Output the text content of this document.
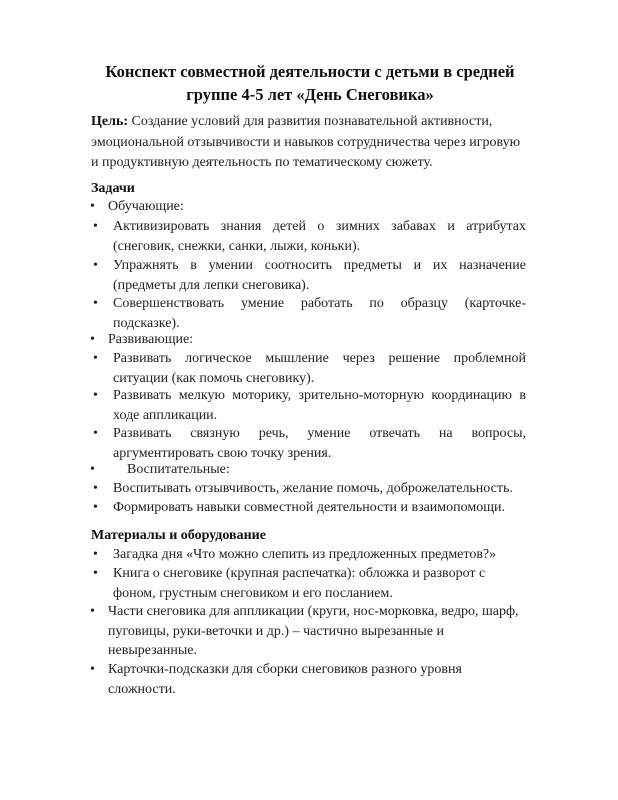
Конспект совместной деятельности с детьми в средней
группе 4-5 лет «День Снеговика»
Цель: Создание условий для развития познавательной активности, эмоциональной отзывчивости и навыков сотрудничества через игровую и продуктивную деятельность по тематическому сюжету.
Задачи
• Обучающие:
• Активизировать знания детей о зимних забавах и атрибутах (снеговик, снежки, санки, лыжи, коньки).
• Упражнять в умении соотносить предметы и их назначение (предметы для лепки снеговика).
• Совершенствовать умение работать по образцу (карточке-подсказке).
• Развивающие:
• Развивать логическое мышление через решение проблемной ситуации (как помочь снеговику).
• Развивать мелкую моторику, зрительно-моторную координацию в ходе аппликации.
• Развивать связную речь, умение отвечать на вопросы, аргументировать свою точку зрения.
• Воспитательные:
• Воспитывать отзывчивость, желание помочь, доброжелательность.
• Формировать навыки совместной деятельности и взаимопомощи.
Материалы и оборудование
• Загадка дня «Что можно слепить из предложенных предметов?»
• Книга о снеговике (крупная распечатка): обложка и разворот с фоном, грустным снеговиком и его посланием.
• Части снеговика для аппликации (круги, нос-морковка, ведро, шарф, пуговицы, руки-веточки и др.) – частично вырезанные и невырезанные.
• Карточки-подсказки для сборки снеговиков разного уровня сложности.
